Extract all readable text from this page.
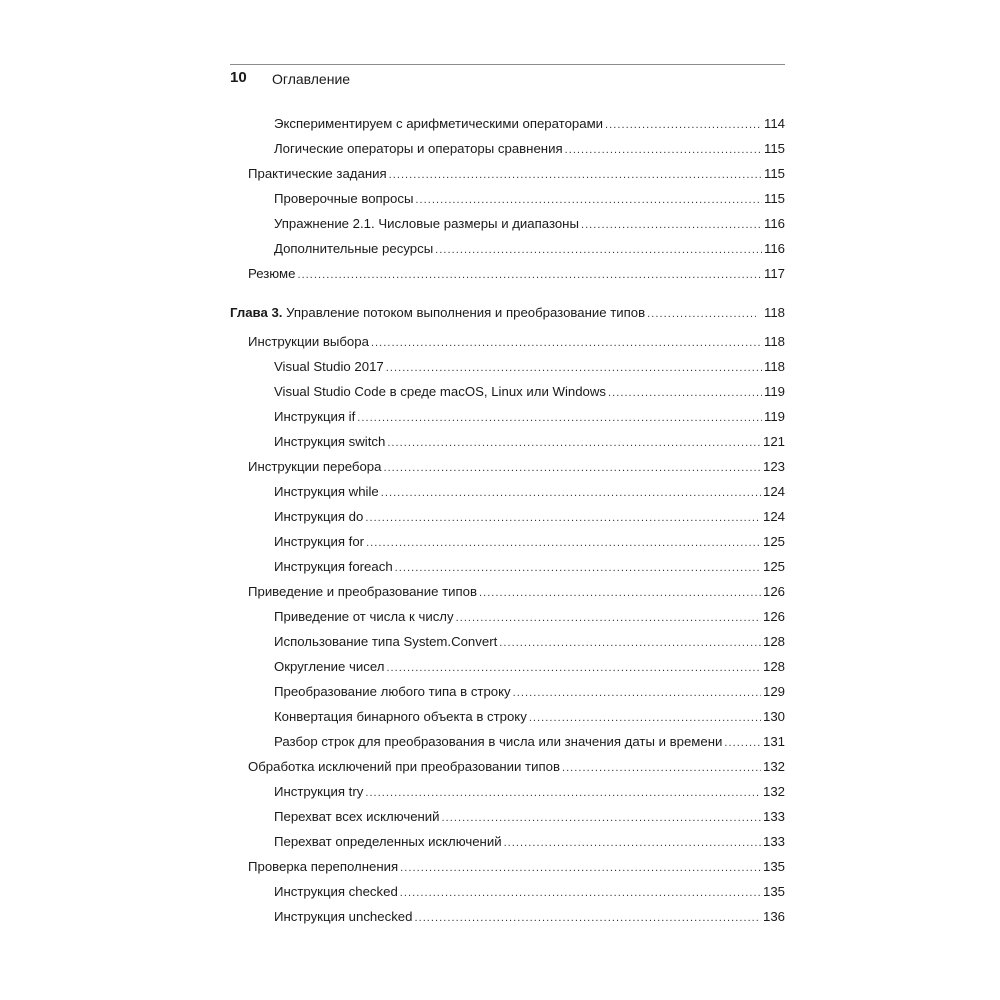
10 Оглавление
Экспериментируем с арифметическими операторами . . .	114
Логические операторы и операторы сравнения . . .	115
Практические задания . . .	115
Проверочные вопросы . . .	115
Упражнение 2.1. Числовые размеры и диапазоны . . .	116
Дополнительные ресурсы . . .	116
Резюме . . .	117
Глава 3. Управление потоком выполнения и преобразование типов . . .	118
Инструкции выбора . . .	118
Visual Studio 2017 . . .	118
Visual Studio Code в среде macOS, Linux или Windows . . .	119
Инструкция if . . .	119
Инструкция switch . . .	121
Инструкции перебора . . .	123
Инструкция while . . .	124
Инструкция do . . .	124
Инструкция for . . .	125
Инструкция foreach . . .	125
Приведение и преобразование типов . . .	126
Приведение от числа к числу . . .	126
Использование типа System.Convert . . .	128
Округление чисел . . .	128
Преобразование любого типа в строку . . .	129
Конвертация бинарного объекта в строку . . .	130
Разбор строк для преобразования в числа или значения даты и времени . . .	131
Обработка исключений при преобразовании типов . . .	132
Инструкция try . . .	132
Перехват всех исключений . . .	133
Перехват определенных исключений . . .	133
Проверка переполнения . . .	135
Инструкция checked . . .	135
Инструкция unchecked . . .	136
